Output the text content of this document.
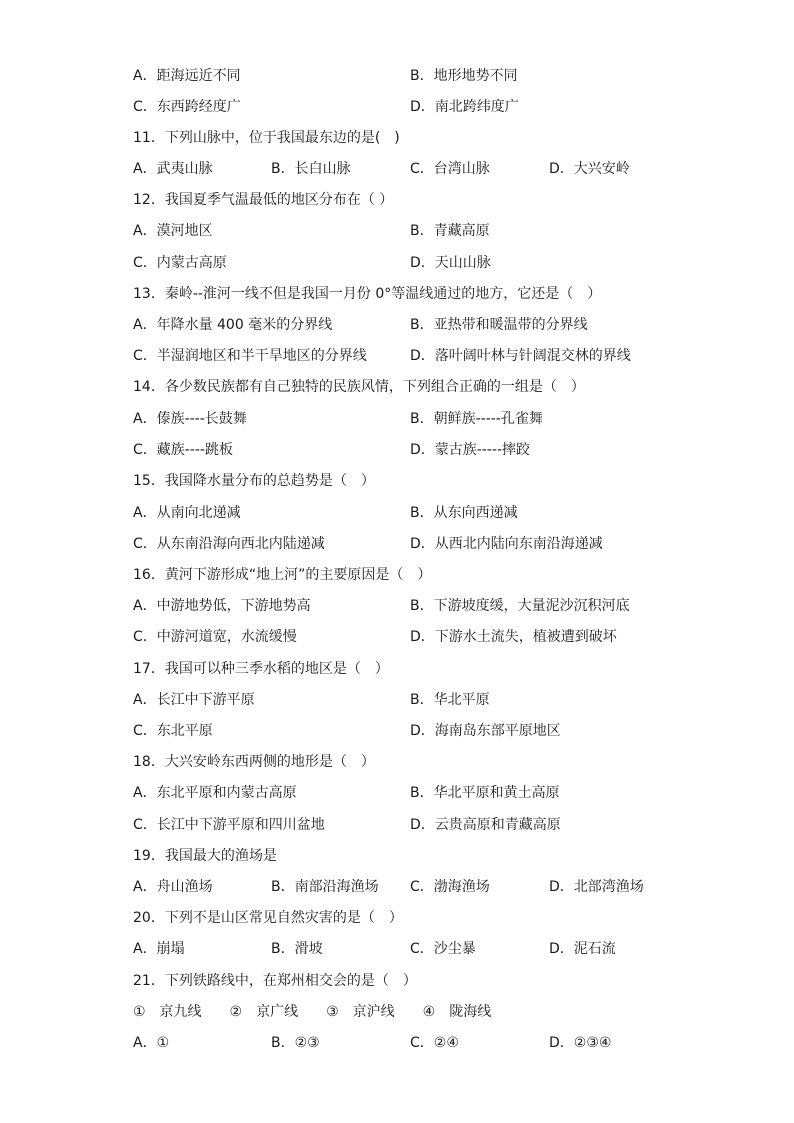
A．距海远近不同	B．地形地势不同
C．东西跨经度广	D．南北跨纬度广
11．下列山脉中，位于我国最东边的是(　)
A．武夷山脉	B．长白山脉	C．台湾山脉	D．大兴安岭
12．我国夏季气温最低的地区分布在（ ）
A．漠河地区	B．青藏高原
C．内蒙古高原	D．天山山脉
13．秦岭--淮河一线不但是我国一月份 0°等温线通过的地方，它还是（　）
A．年降水量 400 毫米的分界线	B．亚热带和暖温带的分界线
C．半湿润地区和半干旱地区的分界线	D．落叶阔叶林与针阔混交林的界线
14．各少数民族都有自己独特的民族风情，下列组合正确的一组是（　）
A．傣族----长鼓舞	B．朝鲜族-----孔雀舞
C．藏族----跳板	D．蒙古族-----摔跤
15．我国降水量分布的总趋势是（　）
A．从南向北递减	B．从东向西递减
C．从东南沿海向西北内陆递减	D．从西北内陆向东南沿海递减
16．黄河下游形成“地上河”的主要原因是（　）
A．中游地势低，下游地势高	B．下游坡度缓，大量泥沙沉积河底
C．中游河道宽，水流缓慢	D．下游水土流失，植被遭到破坏
17．我国可以种三季水稻的地区是（　）
A．长江中下游平原	B．华北平原
C．东北平原	D．海南岛东部平原地区
18．大兴安岭东西两侧的地形是（　）
A．东北平原和内蒙古高原	B．华北平原和黄土高原
C．长江中下游平原和四川盆地	D．云贵高原和青藏高原
19．我国最大的渔场是
A．舟山渔场	B．南部沿海渔场 C．渤海渔场	D．北部湾渔场
20．下列不是山区常见自然灾害的是（　）
A．崩塌	B．滑坡	C．沙尘暴	D．泥石流
21．下列铁路线中，在郑州相交会的是（　）
①　京九线　　②　京广线　　③　京沪线　　④　陇海线
A．①	B．②③	C．②④	D．②③④
